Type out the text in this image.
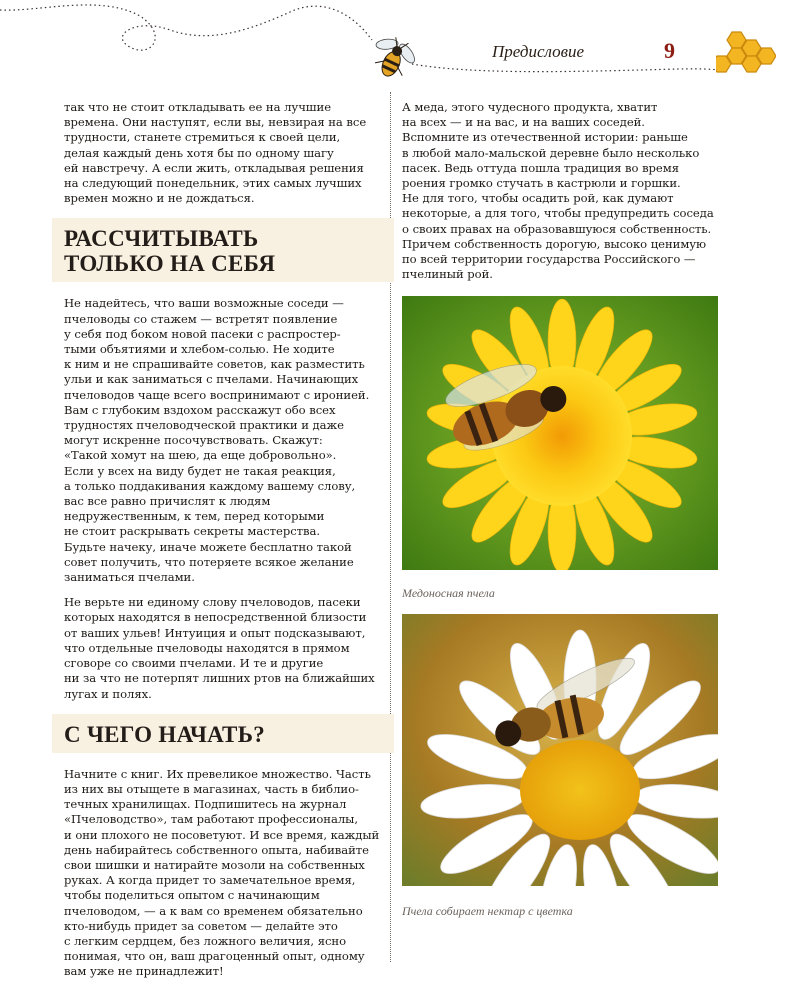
Предисловие	9

так что не стоит откладывать ее на лучшие
времена. Они наступят, если вы, невзирая на все
трудности, станете стремиться к своей цели,
делая каждый день хотя бы по одному шагу
ей навстречу. А если жить, откладывая решения
на следующий понедельник, этих самых лучших
времен можно и не дождаться.

РАССЧИТЫВАТЬ
ТОЛЬКО НА СЕБЯ

Не надейтесь, что ваши возможные соседи —
пчеловоды со стажем — встретят появление
у себя под боком новой пасеки с распростер-
тыми объятиями и хлебом-солью. Не ходите
к ним и не спрашивайте советов, как разместить
ульи и как заниматься с пчелами. Начинающих
пчеловодов чаще всего воспринимают с иронией.
Вам с глубоким вздохом расскажут обо всех
трудностях пчеловодческой практики и даже
могут искренне посочувствовать. Скажут:
«Такой хомут на шею, да еще добровольно».
Если у всех на виду будет не такая реакция,
а только поддакивания каждому вашему слову,
вас все равно причислят к людям
недружественным, к тем, перед которыми
не стоит раскрывать секреты мастерства.
Будьте начеку, иначе можете бесплатно такой
совет получить, что потеряете всякое желание
заниматься пчелами.

Не верьте ни единому слову пчеловодов, пасеки
которых находятся в непосредственной близости
от ваших ульев! Интуиция и опыт подсказывают,
что отдельные пчеловоды находятся в прямом
сговоре со своими пчелами. И те и другие
ни за что не потерпят лишних ртов на ближайших
лугах и полях.

С ЧЕГО НАЧАТЬ?

Начните с книг. Их превеликое множество. Часть
из них вы отыщете в магазинах, часть в библио-
течных хранилищах. Подпишитесь на журнал
«Пчеловодство», там работают профессионалы,
и они плохого не посоветуют. И все время, каждый
день набирайтесь собственного опыта, набивайте
свои шишки и натирайте мозоли на собственных
руках. А когда придет то замечательное время,
чтобы поделиться опытом с начинающим
пчеловодом, — а к вам со временем обязательно
кто-нибудь придет за советом — делайте это
с легким сердцем, без ложного величия, ясно
понимая, что он, ваш драгоценный опыт, одному
вам уже не принадлежит!

А меда, этого чудесного продукта, хватит
на всех — и на вас, и на ваших соседей.
Вспомните из отечественной истории: раньше
в любой мало-мальской деревне было несколько
пасек. Ведь оттуда пошла традиция во время
роения громко стучать в кастрюли и горшки.
Не для того, чтобы осадить рой, как думают
некоторые, а для того, чтобы предупредить соседа
о своих правах на образовавшуюся собственность.
Причем собственность дорогую, высоко ценимую
по всей территории государства Российского —
пчелиный рой.

Медоносная пчела
Пчела собирает нектар с цветка
